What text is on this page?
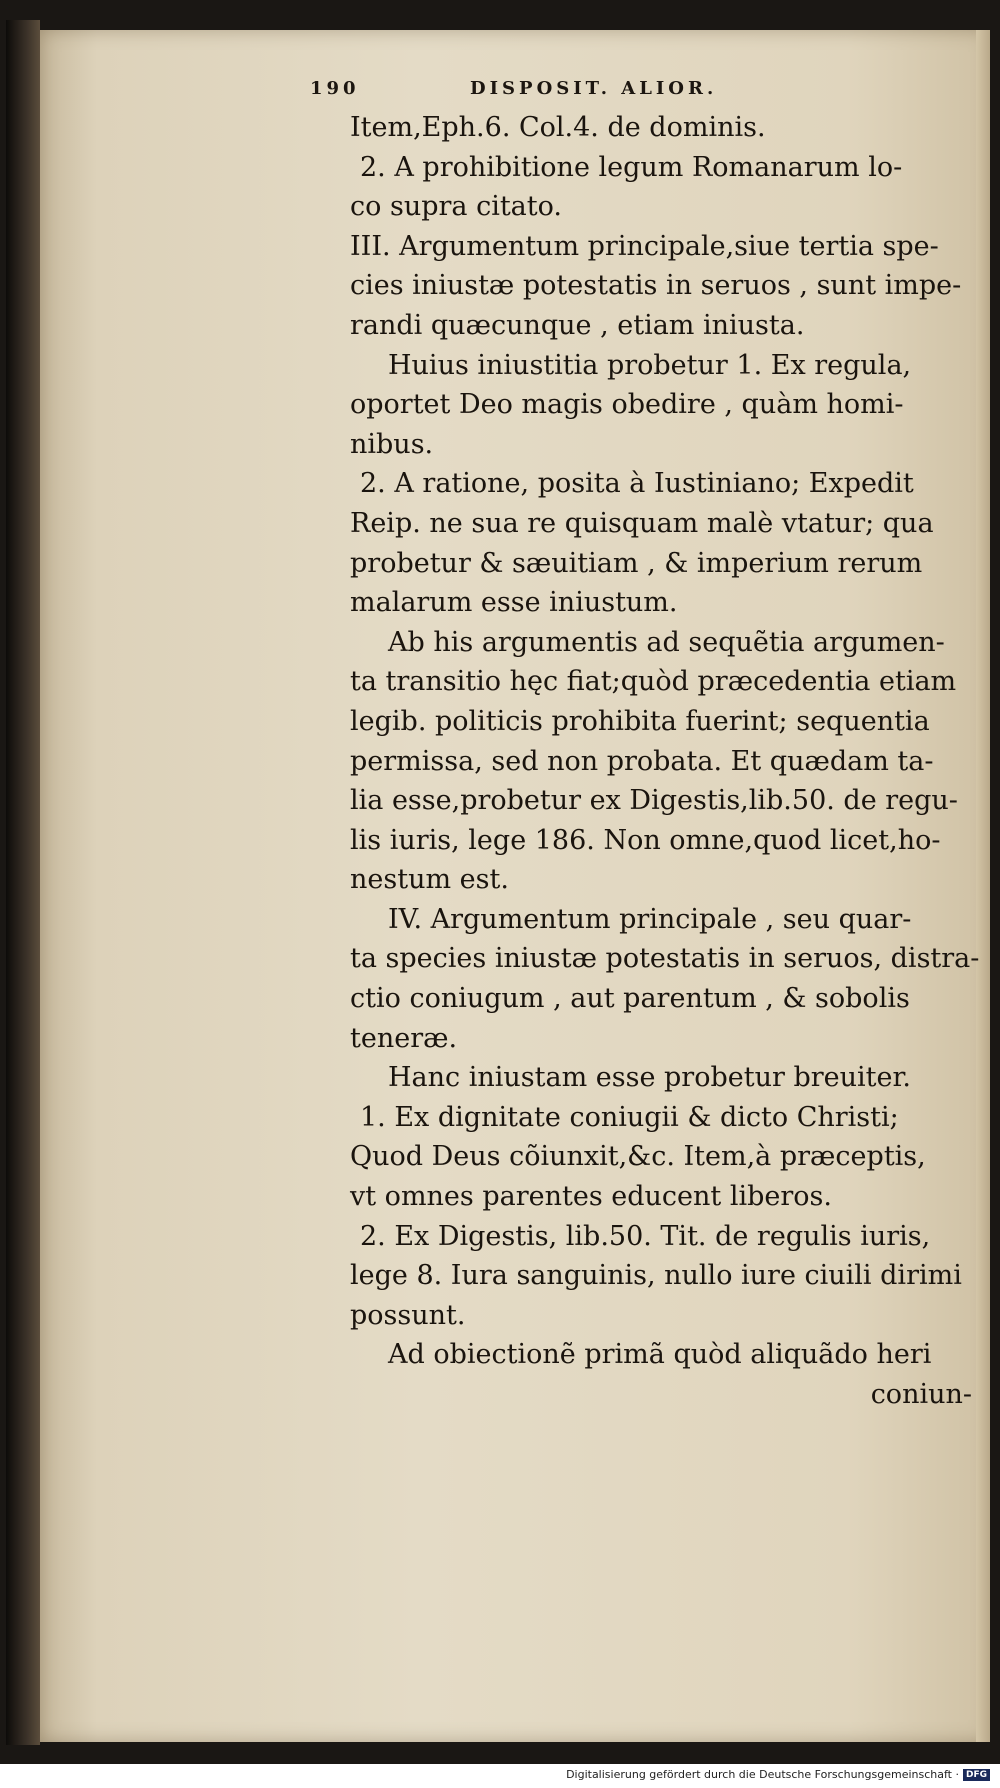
190	DISPOSIT. ALIOR.
Item,Eph.6. Col.4. de dominis.
2. A prohibitione legum Romanarum lo-
co supra citato.
III. Argumentum principale,siue tertia spe-
cies iniustæ potestatis in seruos , sunt impe-
randi quæcunque , etiam iniusta.
Huius iniustitia probetur 1. Ex regula,
oportet Deo magis obedire , quàm homi-
nibus.
2. A ratione, posita à Iustiniano; Expedit
Reip. ne sua re quisquam malè vtatur; qua
probetur & sæuitiam , & imperium rerum
malarum esse iniustum.
Ab his argumentis ad sequẽtia argumen-
ta transitio hęc fiat;quòd præcedentia etiam
legib. politicis prohibita fuerint; sequentia
permissa, sed non probata. Et quædam ta-
lia esse,probetur ex Digestis,lib.50. de regu-
lis iuris, lege 186. Non omne,quod licet,ho-
nestum est.
IV. Argumentum principale , seu quar-
ta species iniustæ potestatis in seruos, distra-
ctio coniugum , aut parentum , & sobolis
teneræ.
Hanc iniustam esse probetur breuiter.
1. Ex dignitate coniugii & dicto Christi;
Quod Deus cõiunxit,&c. Item,à præceptis,
vt omnes parentes educent liberos.
2. Ex Digestis, lib.50. Tit. de regulis iuris,
lege 8. Iura sanguinis, nullo iure ciuili dirimi
possunt.
Ad obiectionẽ primã quòd aliquãdo heri
coniun-
Digitalisierung gefördert durch die Deutsche Forschungsgemeinschaft · DFG
